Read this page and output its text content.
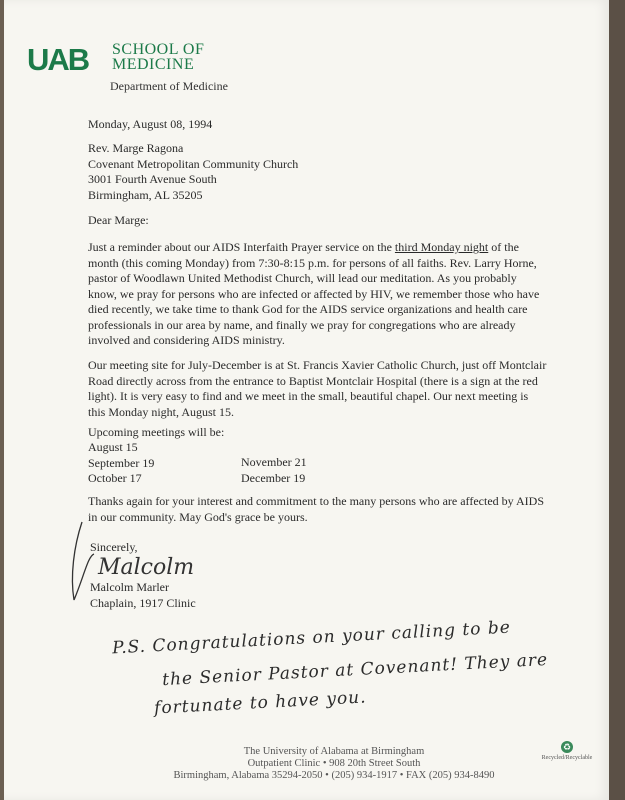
UAB SCHOOL OF
MEDICINE
Department of Medicine
Monday, August 08, 1994
Rev. Marge Ragona
Covenant Metropolitan Community Church
3001 Fourth Avenue South
Birmingham, AL 35205
Dear Marge:
Just a reminder about our AIDS Interfaith Prayer service on the third Monday night of the month (this coming Monday) from 7:30-8:15 p.m. for persons of all faiths. Rev. Larry Horne, pastor of Woodlawn United Methodist Church, will lead our meditation. As you probably know, we pray for persons who are infected or affected by HIV, we remember those who have died recently, we take time to thank God for the AIDS service organizations and health care professionals in our area by name, and finally we pray for congregations who are already involved and considering AIDS ministry.
Our meeting site for July-December is at St. Francis Xavier Catholic Church, just off Montclair Road directly across from the entrance to Baptist Montclair Hospital (there is a sign at the red light). It is very easy to find and we meet in the small, beautiful chapel. Our next meeting is this Monday night, August 15.
Upcoming meetings will be:
August 15
September 19
October 17
November 21
December 19
Thanks again for your interest and commitment to the many persons who are affected by AIDS in our community. May God's grace be yours.
Sincerely,
Malcolm
Malcolm Marler
Chaplain, 1917 Clinic
P.S. Congratulations on your calling to be
the Senior Pastor at Covenant! They are
fortunate to have you.
The University of Alabama at Birmingham
Outpatient Clinic • 908 20th Street South
Birmingham, Alabama 35294-2050 • (205) 934-1917 • FAX (205) 934-8490
♻
Recycled/Recyclable
